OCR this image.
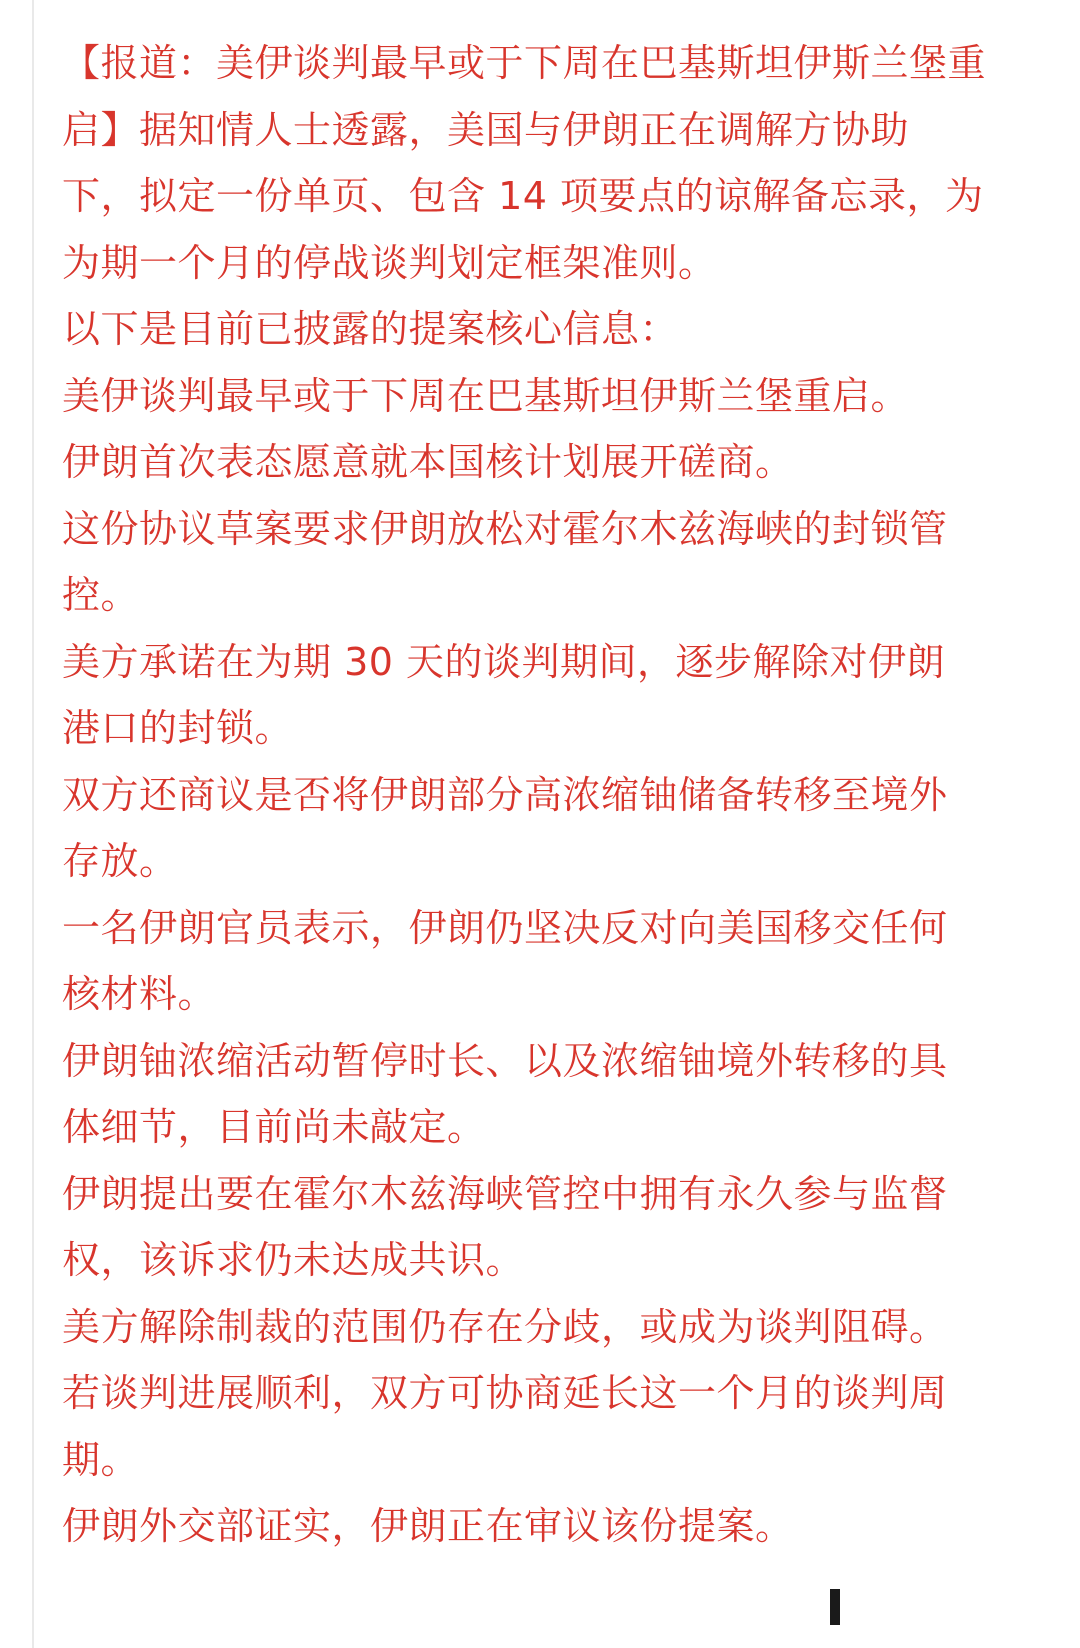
【报道：美伊谈判最早或于下周在巴基斯坦伊斯兰堡重
启】据知情人士透露，美国与伊朗正在调解方协助
下，拟定一份单页、包含 14 项要点的谅解备忘录，为
为期一个月的停战谈判划定框架准则。
以下是目前已披露的提案核心信息：
美伊谈判最早或于下周在巴基斯坦伊斯兰堡重启。
伊朗首次表态愿意就本国核计划展开磋商。
这份协议草案要求伊朗放松对霍尔木兹海峡的封锁管
控。
美方承诺在为期 30 天的谈判期间，逐步解除对伊朗
港口的封锁。
双方还商议是否将伊朗部分高浓缩铀储备转移至境外
存放。
一名伊朗官员表示，伊朗仍坚决反对向美国移交任何
核材料。
伊朗铀浓缩活动暂停时长、以及浓缩铀境外转移的具
体细节，目前尚未敲定。
伊朗提出要在霍尔木兹海峡管控中拥有永久参与监督
权，该诉求仍未达成共识。
美方解除制裁的范围仍存在分歧，或成为谈判阻碍。
若谈判进展顺利，双方可协商延长这一个月的谈判周
期。
伊朗外交部证实，伊朗正在审议该份提案。
